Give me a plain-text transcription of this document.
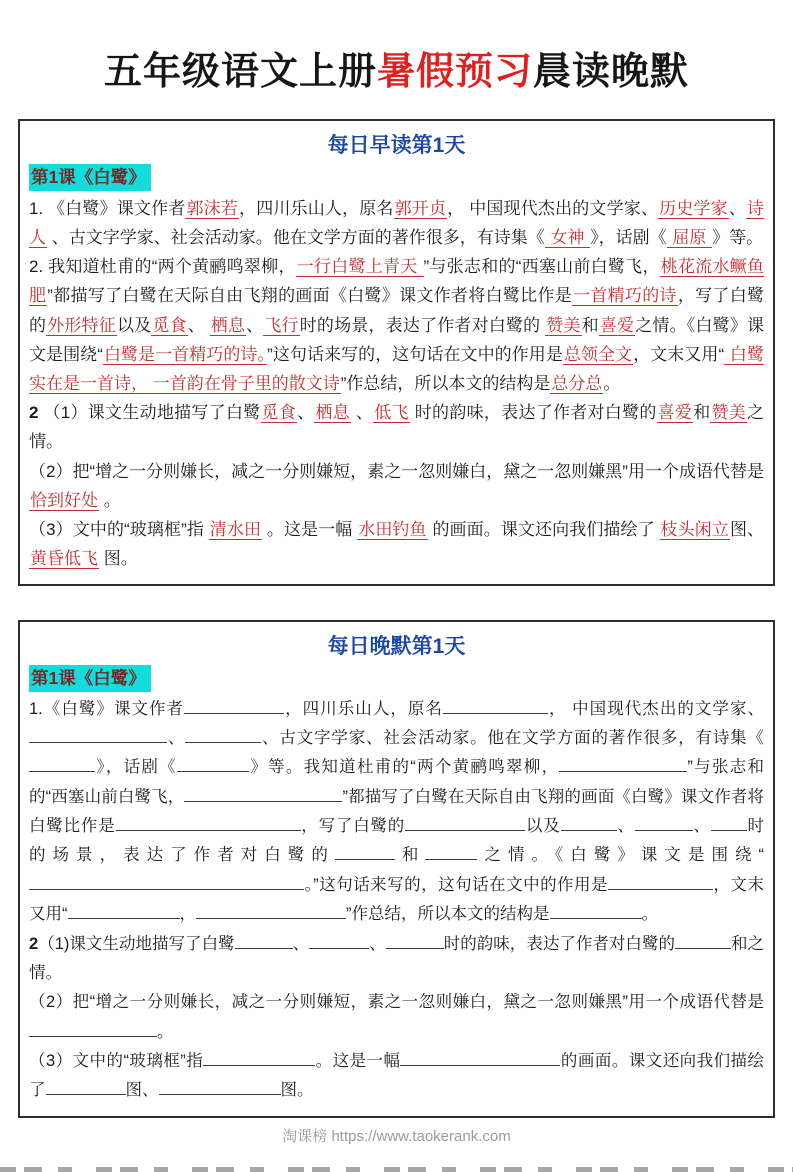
五年级语文上册暑假预习晨读晚默
每日早读第1天
第1课《白鹭》

1. 《白鹭》课文作者郭沫若，四川乐山人，原名郭开贞， 中国现代杰出的文学家、历史学家、诗人 、古文字学家、社会活动家。他在文学方面的著作很多，有诗集《 女神 》，话剧《 屈原 》等。

2. 我知道杜甫的“两个黄鹂鸣翠柳，一行白鹭上青天 ”与张志和的“西塞山前白鹭飞，桃花流水鳜鱼肥”都描写了白鹭在天际自由飞翔的画面《白鹭》课文作者将白鹭比作是一首精巧的诗，写了白鹭的外形特征以及觅食、 栖息、飞行时的场景，表达了作者对白鹭的 赞美和喜爱之情。《白鹭》课文是围绕“白鹭是一首精巧的诗。”这句话来写的，这句话在文中的作用是总领全文，文末又用“ 白鹭实在是一首诗， 一首韵在骨子里的散文诗”作总结，所以本文的结构是总分总。

2 （1）课文生动地描写了白鹭觅食、栖息 、低飞 时的韵味，表达了作者对白鹭的喜爱和赞美之情。

（2）把“增之一分则嫌长，减之一分则嫌短，素之一忽则嫌白，黛之一忽则嫌黑”用一个成语代替是 恰到好处 。

（3）文中的“玻璃框”指 清水田 。这是一幅 水田钓鱼 的画面。课文还向我们描绘了 枝头闲立图、黄昏低飞 图。

每日晚默第1天
第1课《白鹭》

1.《白鹭》课文作者	，四川乐山人，原名	， 中国现代杰出的文学家、、	、古文字学家、社会活动家。他在文学方面的著作很多，有诗集《》，话剧《	》等。我知道杜甫的“两个黄鹂鸣翠柳，	”与张志和的“西塞山前白鹭飞，	”都描写了白鹭在天际自由飞翔的画面《白鹭》课文作者将白鹭比作是	，写了白鹭的	以及	、	、 时的场景，表达了作者对白鹭的	和	之情。《白鹭》课文是围绕“。”这句话来写的，这句话在文中的作用是	，文末又用“	，	”作总结，所以本文的结构是	。

2（1)课文生动地描写了白鹭	、	、	时的韵味，表达了作者对白鹭的	和之情。

（2）把“增之一分则嫌长，减之一分则嫌短，素之一忽则嫌白，黛之一忽则嫌黑”用一个成语代替是。

（3）文中的“玻璃框”指	。这是一幅	的画面。课文还向我们描绘了	图、	图。

淘课榜 https://www.taokerank.com
